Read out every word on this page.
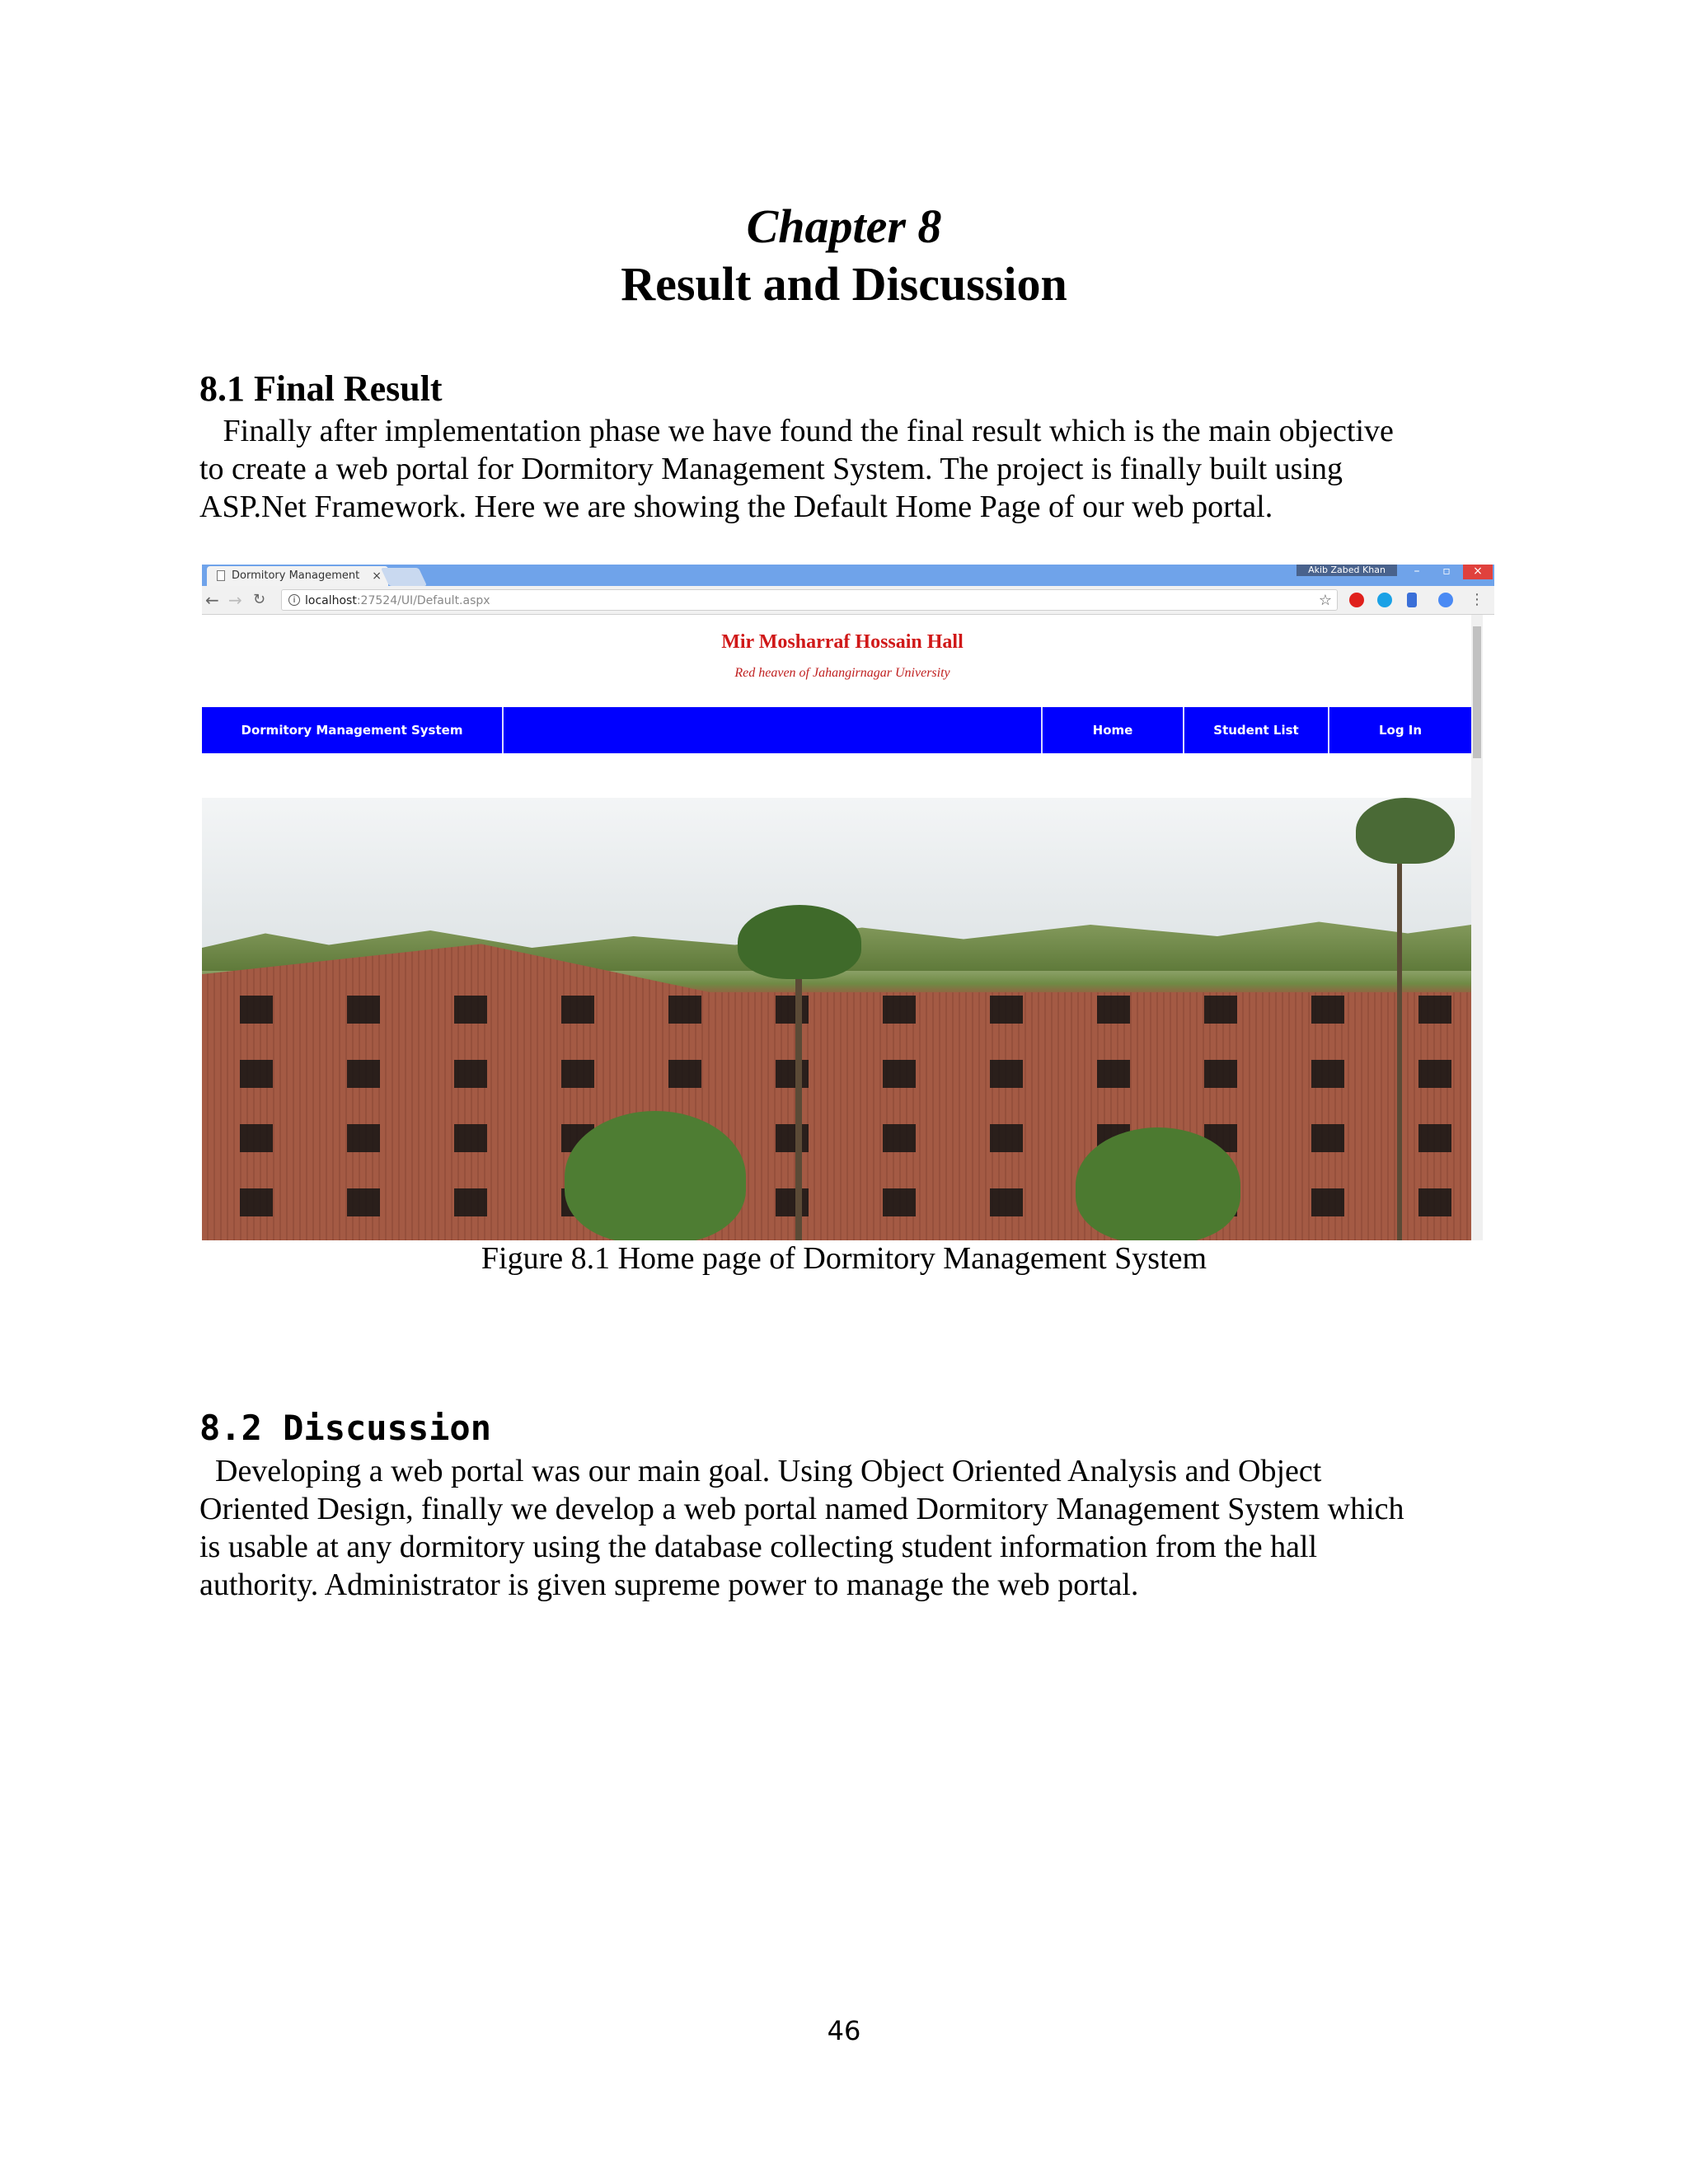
Chapter 8
Result and Discussion
8.1 Final Result
Finally after implementation phase we have found the final result which is the main objective
to create a web portal for Dormitory Management System. The project is finally built using
ASP.Net Framework. Here we are showing the Default Home Page of our web portal.
Dormitory Management ×	Akib Zabed Khan	–	▫	×
← → ↻	i localhost:27524/UI/Default.aspx	☆	⋮
Mir Mosharraf Hossain Hall
Red heaven of Jahangirnagar University
Dormitory Management System	Home	Student List	Log In
Figure 8.1 Home page of Dormitory Management System
8.2 Discussion
Developing a web portal was our main goal. Using Object Oriented Analysis and Object
Oriented Design, finally we develop a web portal named Dormitory Management System which
is usable at any dormitory using the database collecting student information from the hall
authority. Administrator is given supreme power to manage the web portal.
46
